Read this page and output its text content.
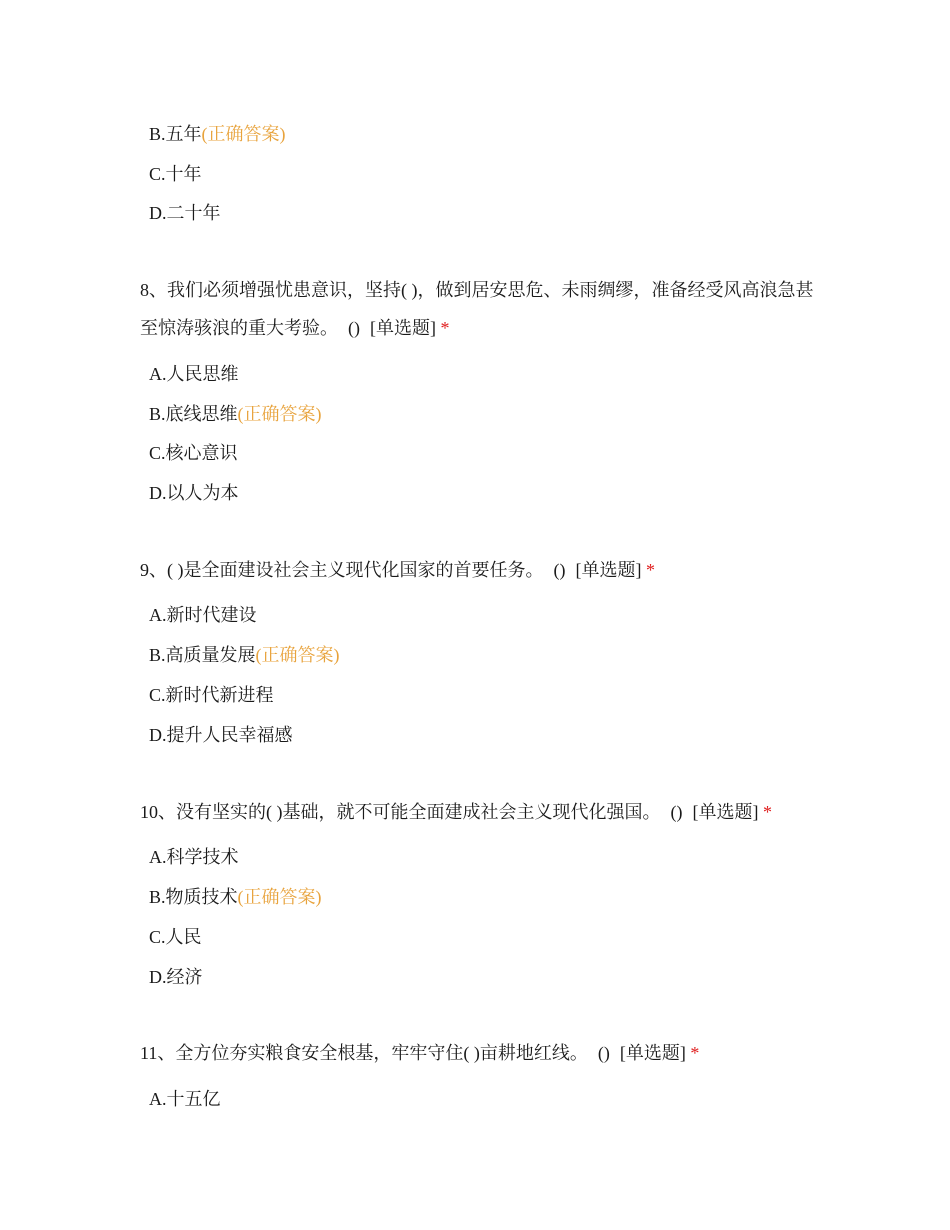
B.五年(正确答案)
C.十年
D.二十年

8、我们必须增强忧患意识，坚持( )，做到居安思危、未雨绸缪，准备经受风高浪急甚至惊涛骇浪的重大考验。 () [单选题] *

A.人民思维
B.底线思维(正确答案)
C.核心意识
D.以人为本

9、( )是全面建设社会主义现代化国家的首要任务。 () [单选题] *

A.新时代建设
B.高质量发展(正确答案)
C.新时代新进程
D.提升人民幸福感

10、没有坚实的( )基础，就不可能全面建成社会主义现代化强国。 () [单选题] *

A.科学技术
B.物质技术(正确答案)
C.人民
D.经济

11、全方位夯实粮食安全根基，牢牢守住( )亩耕地红线。 () [单选题] *

A.十五亿
